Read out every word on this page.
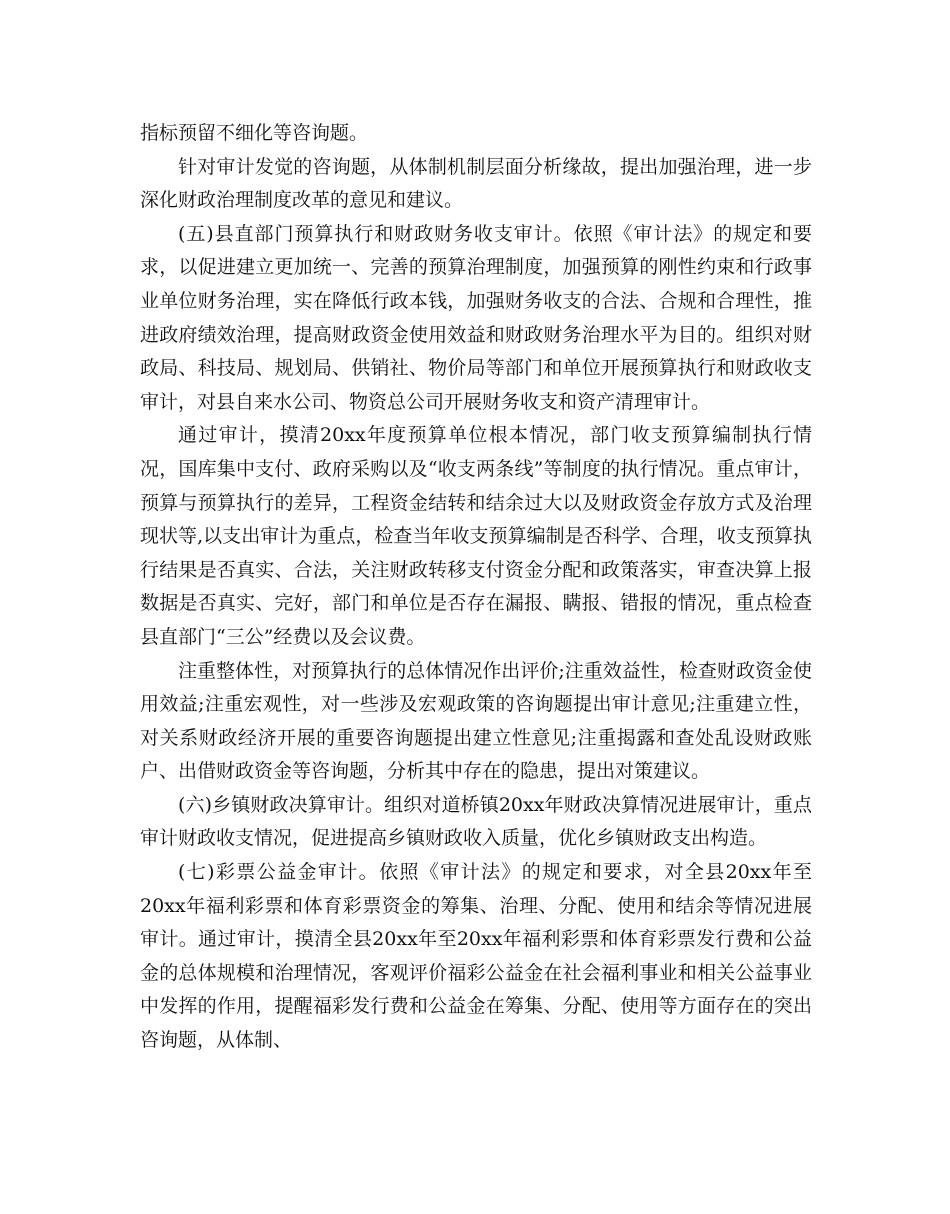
指标预留不细化等咨询题。

针对审计发觉的咨询题，从体制机制层面分析缘故，提出加强治理，进一步深化财政治理制度改革的意见和建议。

(五)县直部门预算执行和财政财务收支审计。依照《审计法》的规定和要求，以促进建立更加统一、完善的预算治理制度，加强预算的刚性约束和行政事业单位财务治理，实在降低行政本钱，加强财务收支的合法、合规和合理性，推进政府绩效治理，提高财政资金使用效益和财政财务治理水平为目的。组织对财政局、科技局、规划局、供销社、物价局等部门和单位开展预算执行和财政收支审计，对县自来水公司、物资总公司开展财务收支和资产清理审计。

通过审计，摸清20xx年度预算单位根本情况，部门收支预算编制执行情况，国库集中支付、政府采购以及“收支两条线”等制度的执行情况。重点审计，预算与预算执行的差异，工程资金结转和结余过大以及财政资金存放方式及治理现状等,以支出审计为重点，检查当年收支预算编制是否科学、合理，收支预算执行结果是否真实、合法，关注财政转移支付资金分配和政策落实，审查决算上报数据是否真实、完好，部门和单位是否存在漏报、瞒报、错报的情况，重点检查县直部门“三公”经费以及会议费。

注重整体性，对预算执行的总体情况作出评价;注重效益性，检查财政资金使用效益;注重宏观性，对一些涉及宏观政策的咨询题提出审计意见;注重建立性，对关系财政经济开展的重要咨询题提出建立性意见;注重揭露和查处乱设财政账户、出借财政资金等咨询题，分析其中存在的隐患，提出对策建议。

(六)乡镇财政决算审计。组织对道桥镇20xx年财政决算情况进展审计，重点审计财政收支情况，促进提高乡镇财政收入质量，优化乡镇财政支出构造。

(七)彩票公益金审计。依照《审计法》的规定和要求，对全县20xx年至20xx年福利彩票和体育彩票资金的筹集、治理、分配、使用和结余等情况进展审计。通过审计，摸清全县20xx年至20xx年福利彩票和体育彩票发行费和公益金的总体规模和治理情况，客观评价福彩公益金在社会福利事业和相关公益事业中发挥的作用，提醒福彩发行费和公益金在筹集、分配、使用等方面存在的突出咨询题，从体制、
